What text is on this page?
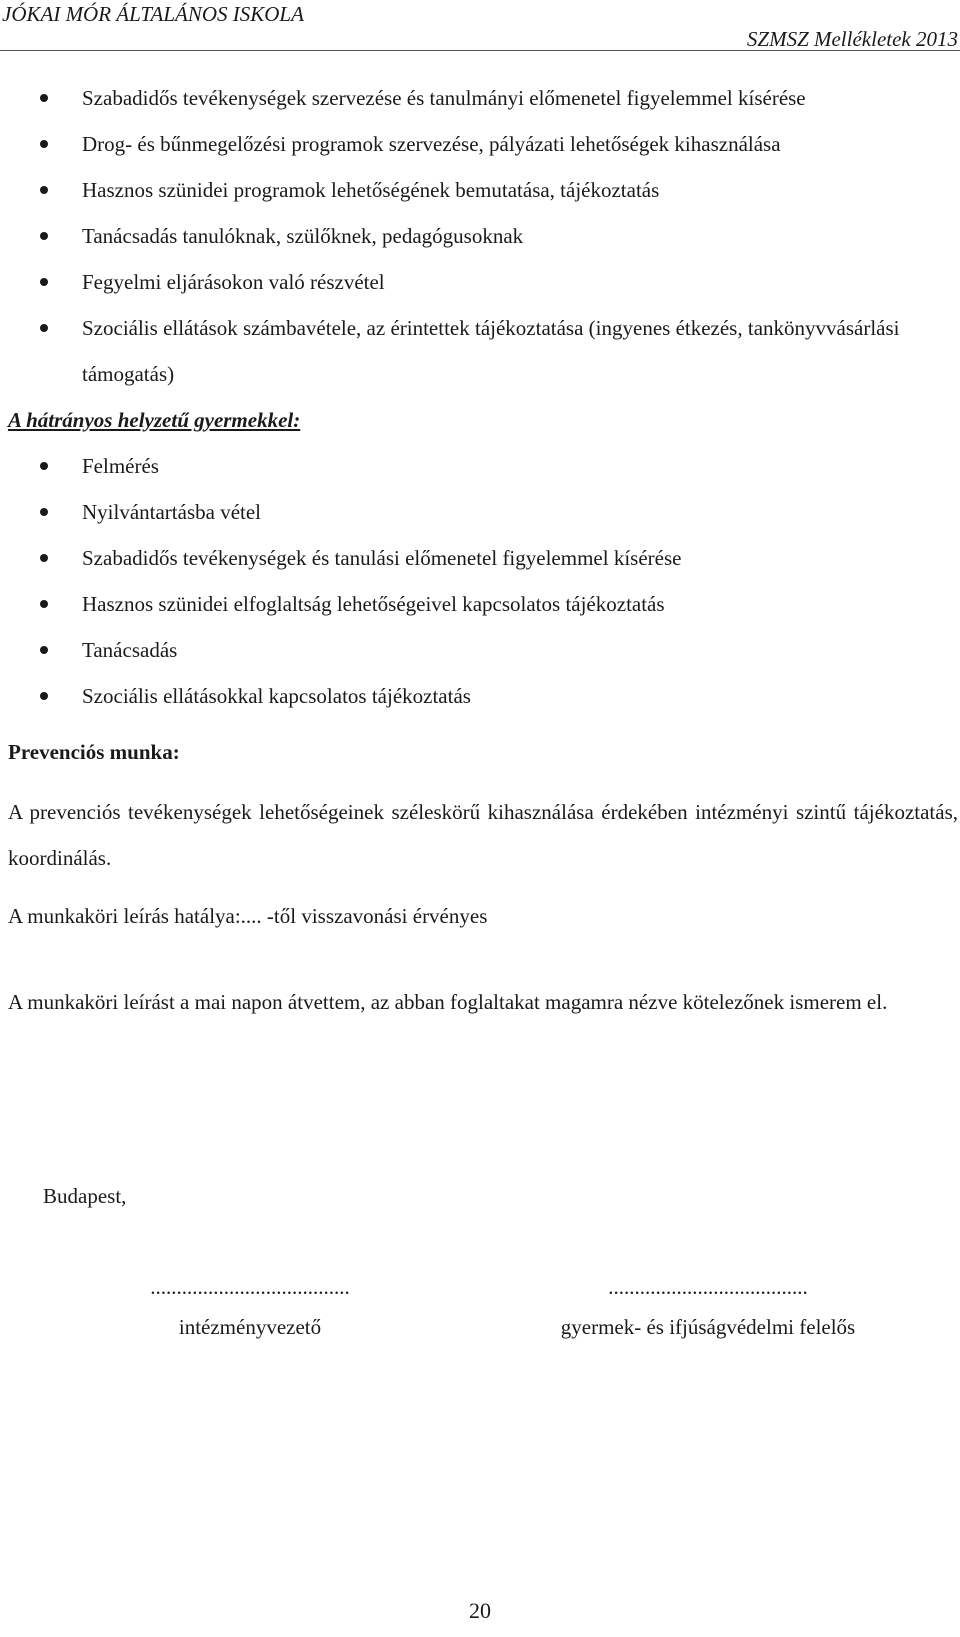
JÓKAI MÓR ÁLTALÁNOS ISKOLA
SZMSZ Mellékletek 2013
Szabadidős tevékenységek szervezése és tanulmányi előmenetel figyelemmel kísérése
Drog- és bűnmegelőzési programok szervezése, pályázati lehetőségek kihasználása
Hasznos szünidei programok lehetőségének bemutatása, tájékoztatás
Tanácsadás tanulóknak, szülőknek, pedagógusoknak
Fegyelmi eljárásokon való részvétel
Szociális ellátások számbavétele, az érintettek tájékoztatása (ingyenes étkezés, tankönyvvásárlási támogatás)
A hátrányos helyzetű gyermekkel:
Felmérés
Nyilvántartásba vétel
Szabadidős tevékenységek és tanulási előmenetel figyelemmel kísérése
Hasznos szünidei elfoglaltság lehetőségeivel kapcsolatos tájékoztatás
Tanácsadás
Szociális ellátásokkal kapcsolatos tájékoztatás
Prevenciós munka:
A prevenciós tevékenységek lehetőségeinek széleskörű kihasználása érdekében intézményi szintű tájékoztatás, koordinálás.
A munkaköri leírás hatálya:.... -től visszavonási érvényes
A munkaköri leírást a mai napon átvettem, az abban foglaltakat magamra nézve kötelezőnek ismerem el.
Budapest,
......................................
intézményvezető
......................................
gyermek- és ifjúságvédelmi felelős
20
